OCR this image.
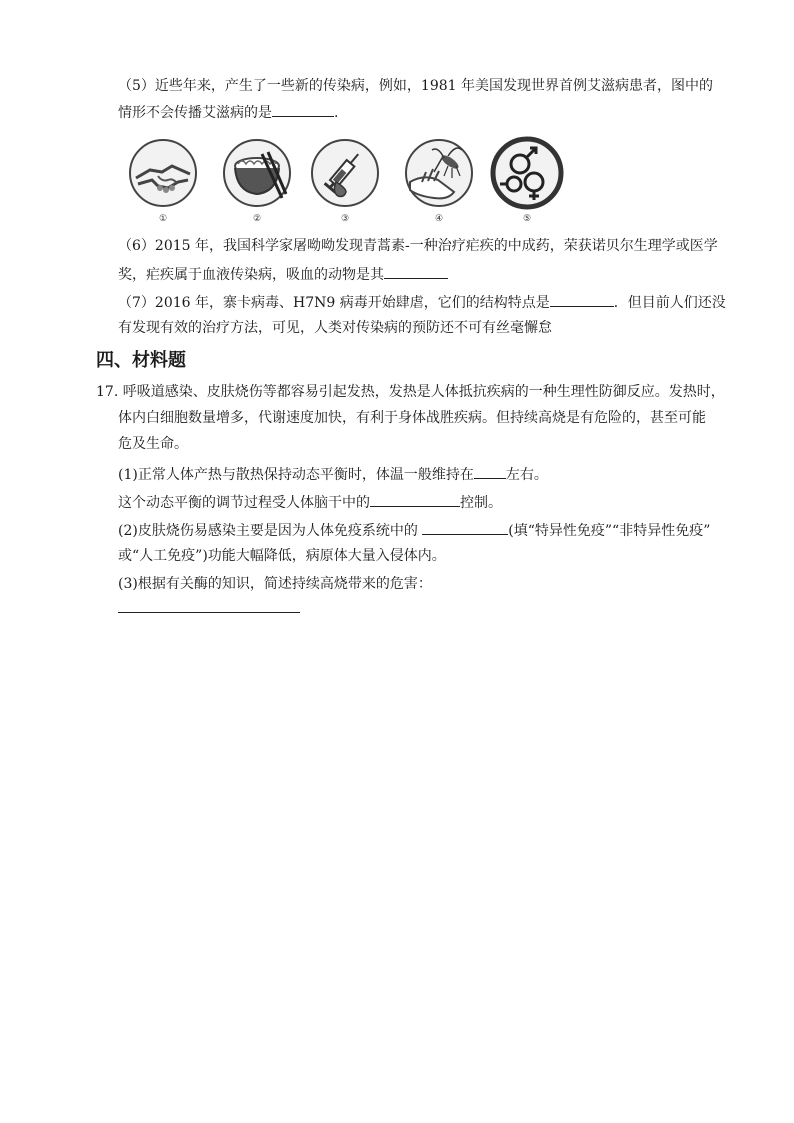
（5）近些年来，产生了一些新的传染病，例如，1981 年美国发现世界首例艾滋病患者，图中的
情形不会传播艾滋病的是	.
①	②	③	④	⑤
（6）2015 年，我国科学家屠呦呦发现青蒿素-一种治疗疟疾的中成药，荣获诺贝尔生理学或医学
奖，疟疾属于血液传染病，吸血的动物是其
（7）2016 年，寨卡病毒、H7N9 病毒开始肆虐，它们的结构特点是	．但目前人们还没
有发现有效的治疗方法，可见，人类对传染病的预防还不可有丝毫懈怠
四、材料题
17. 呼吸道感染、皮肤烧伤等都容易引起发热，发热是人体抵抗疾病的一种生理性防御反应。发热时，
体内白细胞数量增多，代谢速度加快，有利于身体战胜疾病。但持续高烧是有危险的，甚至可能
危及生命。
(1)正常人体产热与散热保持动态平衡时，体温一般维持在 左右。
这个动态平衡的调节过程受人体脑干中的	控制。
(2)皮肤烧伤易感染主要是因为人体免疫系统中的	(填“特异性免疫”“非特异性免疫”
或“人工免疫”)功能大幅降低，病原体大量入侵体内。
(3)根据有关酶的知识，简述持续高烧带来的危害：
